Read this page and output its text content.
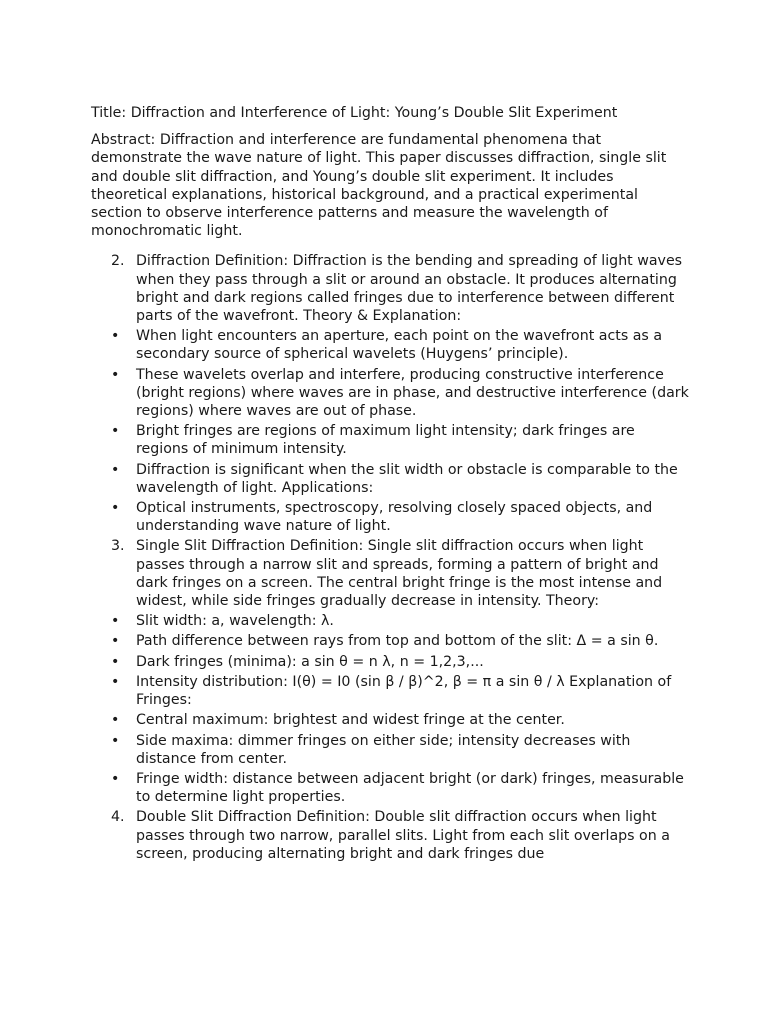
Title: Diffraction and Interference of Light: Young’s Double Slit Experiment

Abstract: Diffraction and interference are fundamental phenomena that demonstrate the wave nature of light. This paper discusses diffraction, single slit and double slit diffraction, and Young’s double slit experiment. It includes theoretical explanations, historical background, and a practical experimental section to observe interference patterns and measure the wavelength of monochromatic light.

2. Diffraction Definition: Diffraction is the bending and spreading of light waves when they pass through a slit or around an obstacle. It produces alternating bright and dark regions called fringes due to interference between different parts of the wavefront. Theory & Explanation:
•	When light encounters an aperture, each point on the wavefront acts as a secondary source of spherical wavelets (Huygens’ principle).
•	These wavelets overlap and interfere, producing constructive interference (bright regions) where waves are in phase, and destructive interference (dark regions) where waves are out of phase.
•	Bright fringes are regions of maximum light intensity; dark fringes are regions of minimum intensity.
•	Diffraction is significant when the slit width or obstacle is comparable to the wavelength of light. Applications:
•	Optical instruments, spectroscopy, resolving closely spaced objects, and understanding wave nature of light.
3. Single Slit Diffraction Definition: Single slit diffraction occurs when light passes through a narrow slit and spreads, forming a pattern of bright and dark fringes on a screen. The central bright fringe is the most intense and widest, while side fringes gradually decrease in intensity. Theory:
•	Slit width: a, wavelength: λ.
•	Path difference between rays from top and bottom of the slit: Δ = a sin θ.
•	Dark fringes (minima): a sin θ = n λ, n = 1,2,3,...
•	Intensity distribution: I(θ) = I0 (sin β / β)^2, β = π a sin θ / λ Explanation of Fringes:
•	Central maximum: brightest and widest fringe at the center.
•	Side maxima: dimmer fringes on either side; intensity decreases with distance from center.
•	Fringe width: distance between adjacent bright (or dark) fringes, measurable to determine light properties.
4. Double Slit Diffraction Definition: Double slit diffraction occurs when light passes through two narrow, parallel slits. Light from each slit overlaps on a screen, producing alternating bright and dark fringes due
